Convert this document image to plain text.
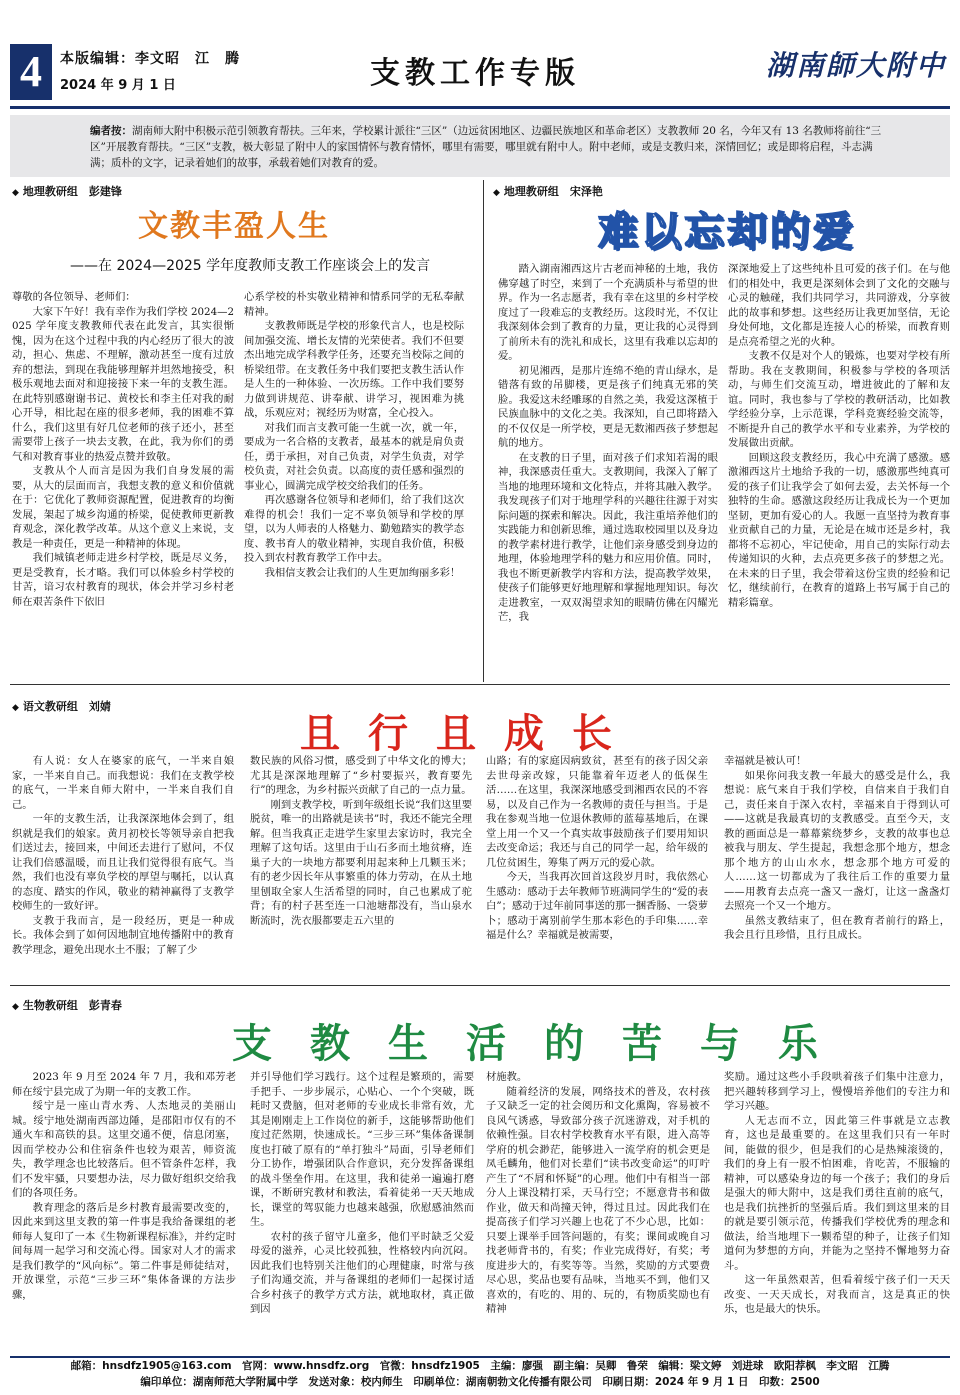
4	本版编辑：李文昭　江　腾
2024 年 9 月 1 日	支教工作专版	湖南師大附中
编者按：湖南师大附中积极示范引领教育帮扶。三年来，学校累计派往“三区”（边远贫困地区、边疆民族地区和革命老区）支教教师 20 名，今年又有 13 名教师将前往“三区”开展教育帮扶。“三区”支教，极大彰显了附中人的家国情怀与教育情怀，哪里有需要，哪里就有附中人。附中老师，或是支教归来，深情回忆；或是即将启程，斗志满满；质朴的文字，记录着她们的故事，承载着她们对教育的爱。
◆ 地理教研组　彭建锋
文教丰盈人生
——在 2024—2025 学年度教师支教工作座谈会上的发言

尊敬的各位领导、老师们：

大家下午好！我有幸作为我们学校 2024—2025 学年度支教教师代表在此发言，其实很惭愧，因为在这个过程中我的内心经历了很大的波动，担心、焦虑、不理解，激动甚至一度有过放弃的想法，到现在我能够理解并坦然地接受，积极乐观地去面对和迎接接下来一年的支教生涯。在此特别感谢谢书记、黄校长和李主任对我的耐心开导，相比起在座的很多老师，我的困难不算什么，我们这里有好几位老师的孩子还小，甚至需要带上孩子一块去支教，在此，我为你们的勇气和对教育事业的热爱点赞并致敬。

支教从个人而言是因为我们自身发展的需要，从大的层面而言，我想支教的意义和价值就在于：它优化了教师资源配置，促进教育的均衡发展，架起了城乡沟通的桥梁，促使教师更新教育观念，深化教学改革。从这个意义上来说，支教是一种责任，更是一种精神的体现。

我们城镇老师走进乡村学校，既是尽义务，更是受教育，长才略。我们可以体验乡村学校的甘苦，谙习农村教育的现状，体会并学习乡村老师在艰苦条件下依旧

心系学校的朴实敬业精神和情系同学的无私奉献精神。

支教教师既是学校的形象代言人，也是校际间加强交流、增长友情的光荣使者。我们不但要杰出地完成学科教学任务，还要充当校际之间的桥梁纽带。在支教任务中我们要把支教生活认作是人生的一种体验、一次历练。工作中我们要努力做到讲规范、讲奉献、讲学习，视困难为挑战，乐观应对；视经历为财富，全心投入。

对我们而言支教可能一生就一次，就一年，要成为一名合格的支教者，最基本的就是肩负责任，勇于承担，对自己负责，对学生负责，对学校负责，对社会负责。以高度的责任感和强烈的事业心，圆满完成学校交给我们的任务。

再次感谢各位领导和老师们，给了我们这次难得的机会！我们一定不辜负领导和学校的厚望，以为人师表的人格魅力、勤勉踏实的教学态度、教书育人的敬业精神，实现自我价值，积极投入到农村教育教学工作中去。

我相信支教会让我们的人生更加绚丽多彩！

◆ 地理教研组　宋泽艳
难以忘却的爱

踏入湖南湘西这片古老而神秘的土地，我仿佛穿越了时空，来到了一个充满质朴与希望的世界。作为一名志愿者，我有幸在这里的乡村学校度过了一段难忘的支教经历。这段时光，不仅让我深刻体会到了教育的力量，更让我的心灵得到了前所未有的洗礼和成长，这里有我难以忘却的爱。

初见湘西，是那片连绵不绝的青山绿水，是错落有致的吊脚楼，更是孩子们纯真无邪的笑脸。我爱这未经雕琢的自然之美，我爱这深植于民族血脉中的文化之美。我深知，自己即将踏入的不仅仅是一所学校，更是无数湘西孩子梦想起航的地方。

在支教的日子里，面对孩子们求知若渴的眼神，我深感责任重大。支教期间，我深入了解了当地的地理环境和文化特点，并将其融入教学。我发现孩子们对于地理学科的兴趣往往源于对实际问题的探索和解决。因此，我注重培养他们的实践能力和创新思维，通过选取校园里以及身边的教学素材进行教学，让他们亲身感受到身边的地理，体验地理学科的魅力和应用价值。同时，我也不断更新教学内容和方法，提高教学效果，使孩子们能够更好地理解和掌握地理知识。每次走进教室，一双双渴望求知的眼睛仿佛在闪耀光芒，我

深深地爱上了这些纯朴且可爱的孩子们。在与他们的相处中，我更是深刻体会到了文化的交融与心灵的触碰，我们共同学习，共同游戏，分享彼此的故事和梦想。这些经历让我更加坚信，无论身处何地，文化都是连接人心的桥梁，而教育则是点亮希望之光的火种。

支教不仅是对个人的锻炼，也要对学校有所帮助。我在支教期间，积极参与学校的各项活动，与师生们交流互动，增进彼此的了解和友谊。同时，我也参与了学校的教研活动，比如教学经验分享，上示范课，学科竞赛经验交流等，不断提升自己的教学水平和专业素养，为学校的发展做出贡献。

回顾这段支教经历，我心中充满了感激。感激湘西这片土地给予我的一切，感激那些纯真可爱的孩子们让我学会了如何去爱，去关怀每一个独特的生命。感激这段经历让我成长为一个更加坚韧，更加有爱心的人。我愿一直坚持为教育事业贡献自己的力量，无论是在城市还是乡村，我都将不忘初心，牢记使命，用自己的实际行动去传递知识的火种，去点亮更多孩子的梦想之光。在未来的日子里，我会带着这份宝贵的经验和记忆，继续前行，在教育的道路上书写属于自己的精彩篇章。

◆ 语文教研组　刘婧
且行且成长

有人说：女人在婆家的底气，一半来自娘家，一半来自自己。而我想说：我们在支教学校的底气，一半来自师大附中，一半来自我们自己。

一年的支教生活，让我深深地体会到了，组织就是我们的娘家。黄月初校长等领导亲自把我们送过去，接回来，中间还去进行了慰问，不仅让我们倍感温暖，而且让我们觉得很有底气。当然，我们也没有辜负学校的厚望与嘱托，以认真的态度、踏实的作风，敬业的精神赢得了支教学校师生的一致好评。

支教于我而言，是一段经历，更是一种成长。我体会到了如何因地制宜地传播附中的教育教学理念，避免出现水土不服；了解了少

数民族的风俗习惯，感受到了中华文化的博大；尤其是深深地理解了“乡村要振兴，教育要先行”的理念，为乡村振兴贡献了自己的一点力量。

刚到支教学校，听到年级组长说“我们这里要脱贫，唯一的出路就是读书”时，我还不能完全理解。但当我真正走进学生家里去家访时，我完全理解了这句话。这里由于山石多而土地贫瘠，连巢子大的一块地方都要利用起来种上几颗玉米；有的老少因长年从事繁重的体力劳动，在从土地里刨取全家人生活希望的同时，自己也累成了驼背；有的村子甚至连一口池塘都没有，当山泉水断流时，洗衣服都要走五六里的

山路；有的家庭因病致贫，甚至有的孩子因父亲去世母亲改嫁，只能靠着年迈老人的低保生活……在这里，我深深地感受到湘西农民的不容易，以及自己作为一名教师的责任与担当。于是我在参观当地一位退休教师的蓝莓基地后，在课堂上用一个又一个真实故事鼓励孩子们要用知识去改变命运；我还与自己的同学一起，给年级的几位贫困生，筹集了两万元的爱心款。

今天，当我再次回首这段岁月时，我依然心生感动：感动于去年教师节班满同学生的“爱的表白”；感动于过年前同事送的那一捆香肠、一袋萝卜；感动于离别前学生那本彩色的手印集……幸福是什么？幸福就是被需要，

幸福就是被认可！

如果你问我支教一年最大的感受是什么，我想说：底气来自于我们学校，自信来自于我们自己，责任来自于深入农村，幸福来自于得到认可——这就是我最真切的支教感受。直至今天，支教的画面总是一幕幕萦绕梦乡，支教的故事也总被我与朋友、学生提起，我想念那个地方，想念那个地方的山山水水，想念那个地方可爱的人……这一切都成为了我往后工作的重要力量——用教育去点亮一盏又一盏灯，让这一盏盏灯去照亮一个又一个地方。

虽然支教结束了，但在教育者前行的路上，我会且行且珍惜，且行且成长。

◆ 生物教研组　彭青春
支教生活的苦与乐

2023 年 9 月至 2024 年 7 月，我和邓芳老师在绥宁县完成了为期一年的支教工作。

绥宁是一座山青水秀、人杰地灵的美丽山城。绥宁地处湖南西部边陲，是邵阳市仅有的不通火车和高铁的县。这里交通不便，信息闭塞，因而学校办公和住宿条件也较为艰苦，师资流失，教学理念也比较落后。但不管条件怎样，我们不发牢骚，只要想办法，尽力做好组织交给我们的各项任务。

教育理念的落后是乡村教育最需要改变的，因此来到这里支教的第一件事是我给备课组的老师每人复印了一本《生物新课程标准》，并约定时间每周一起学习和交流心得。国家对人才的需求是我们教学的“风向标”。第二件事是师徒结对，开放课堂，示范“三步三环”集体备课的方法步骤，

并引导他们学习践行。这个过程是繁琐的，需要手把手、一步步展示，心贴心、一个个突破，既耗时又费脑，但对老师的专业成长非常有效，尤其是刚刚走上工作岗位的新手，这能够帮助他们度过茫然期，快速成长。“三步三环”集体备课制度也打破了原有的“单打独斗”局面，引导老师们分工协作，增强团队合作意识，充分发挥备课组的战斗堡垒作用。在这里，我和徒弟一遍遍打磨课，不断研究教材和教法，看着徒弟一天天地成长，课堂的驾驭能力也越来越强，欣慰感油然而生。

农村的孩子留守儿童多，他们平时缺乏父爱母爱的滋养，心灵比较孤独，性格较内向沉闷。因此我们也特别关注他们的心理健康，时常与孩子们沟通交流，并与备课组的老师们一起探讨适合乡村孩子的教学方式方法，就地取材，真正做到因

材施教。

随着经济的发展，网络技术的普及，农村孩子又缺乏一定的社会阅历和文化熏陶，容易被不良风气诱惑，导致部分孩子沉迷游戏，对手机的依赖性强。目农村学校教育水平有限，进入高等学府的机会渺茫，能够进入一流学府的机会更是凤毛麟角，他们对长辈们“读书改变命运”的叮咛产生了“不屑和怀疑”的心理。他们中有相当一部分人上课没精打采，天马行空；不愿意背书和做作业，做天和尚撞天钟，得过且过。因此我们在提高孩子们学习兴趣上也花了不少心思，比如：只要上课举手回答问题的，有奖；课间或晚自习找老师背书的，有奖；作业完成得好，有奖；考度进步大的，有奖等等。当然，奖励的方式要费尽心思，奖品也要有品味，当地买不到，他们又喜欢的，有吃的、用的、玩的，有物质奖励也有精神

奖励。通过这些小手段哄着孩子们集中注意力，把兴趣转移到学习上，慢慢培养他们的专注力和学习兴趣。

人无志而不立，因此第三件事就是立志教育，这也是最重要的。在这里我们只有一年时间，能做的很少，但是我们的心是热辣滚烫的，我们的身上有一股不怕困难，肯吃苦，不服输的精神，可以感染身边的每一个孩子；我们的身后是强大的师大附中，这是我们勇往直前的底气，也是我们抗挫折的坚强后盾。我们到这里来的目的就是要引领示范，传播我们学校优秀的理念和做法，给当地埋下一颗希望的种子，让孩子们知道何为梦想的方向，并能为之坚持不懈地努力奋斗。

这一年虽然艰苦，但看着绥宁孩子们一天天改变、一天天成长，对我而言，这是真正的快乐，也是最大的快乐。

邮箱：hnsdfz1905@163.com　官网：www.hnsdfz.org　官微：hnsdfz1905　主编：廖强　副主编：吴卿　鲁荣　编辑：梁文婷　刘进球　欧阳荐枫　李文昭　江腾
编印单位：湖南师范大学附属中学　发送对象：校内师生　印刷单位：湖南朝勃文化传播有限公司　印刷日期：2024 年 9 月 1 日　印数：2500
